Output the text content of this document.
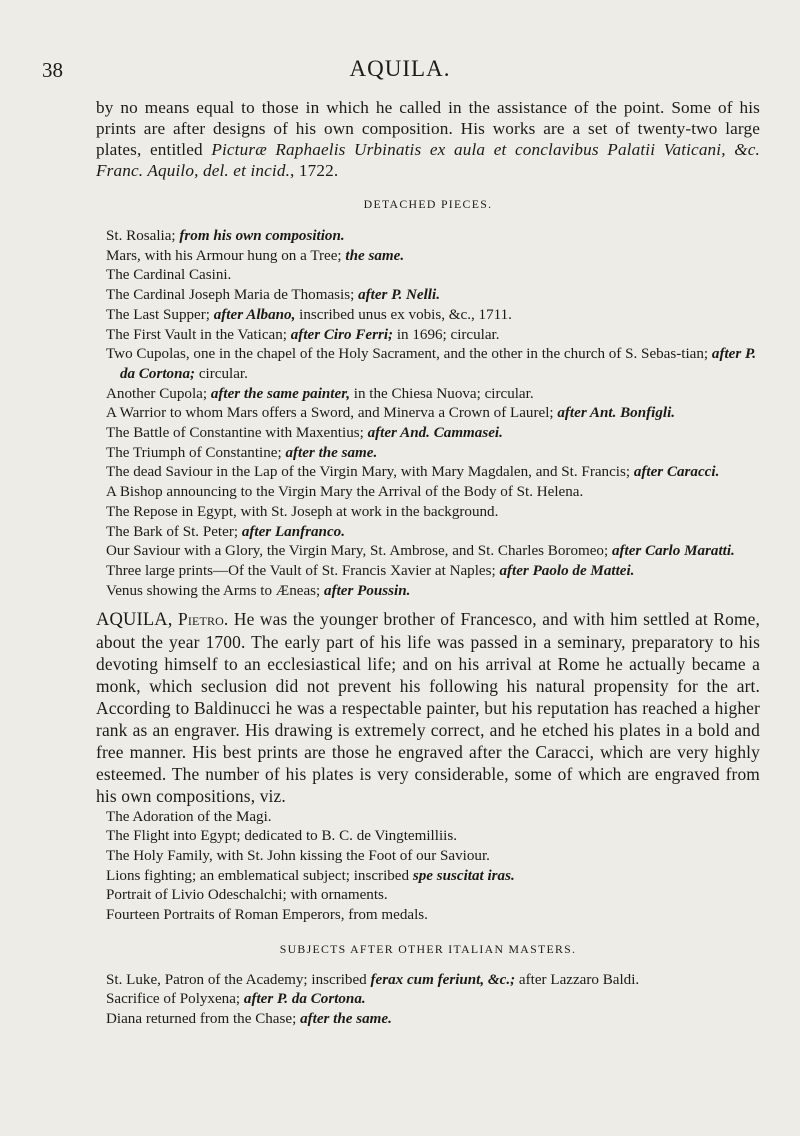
38	AQUILA.

by no means equal to those in which he called in the assistance of the point. Some of his prints are after designs of his own composition. His works are a set of twenty-two large plates, entitled Picturæ Raphaelis Urbinatis ex aula et conclavibus Palatii Vaticani, &c. Franc. Aquilo, del. et incid., 1722.

DETACHED PIECES.
St. Rosalia; from his own composition.
Mars, with his Armour hung on a Tree; the same.
The Cardinal Casini.
The Cardinal Joseph Maria de Thomasis; after P. Nelli.
The Last Supper; after Albano, inscribed unus ex vobis, &c., 1711.
The First Vault in the Vatican; after Ciro Ferri; in 1696; circular.
Two Cupolas, one in the chapel of the Holy Sacrament, and the other in the church of S. Sebas-tian; after P. da Cortona; circular.
Another Cupola; after the same painter, in the Chiesa Nuova; circular.
A Warrior to whom Mars offers a Sword, and Minerva a Crown of Laurel; after Ant. Bonfigli.
The Battle of Constantine with Maxentius; after And. Cammasei.
The Triumph of Constantine; after the same.
The dead Saviour in the Lap of the Virgin Mary, with Mary Magdalen, and St. Francis; after Caracci.
A Bishop announcing to the Virgin Mary the Arrival of the Body of St. Helena.
The Repose in Egypt, with St. Joseph at work in the background.
The Bark of St. Peter; after Lanfranco.
Our Saviour with a Glory, the Virgin Mary, St. Ambrose, and St. Charles Boromeo; after Carlo Maratti.
Three large prints—Of the Vault of St. Francis Xavier at Naples; after Paolo de Mattei.
Venus showing the Arms to Æneas; after Poussin.

AQUILA, Pietro. He was the younger brother of Francesco, and with him settled at Rome, about the year 1700. The early part of his life was passed in a seminary, preparatory to his devoting himself to an ecclesiastical life; and on his arrival at Rome he actually became a monk, which seclusion did not prevent his following his natural propensity for the art. According to Baldinucci he was a respectable painter, but his reputation has reached a higher rank as an engraver. His drawing is extremely correct, and he etched his plates in a bold and free manner. His best prints are those he engraved after the Caracci, which are very highly esteemed. The number of his plates is very considerable, some of which are engraved from his own compositions, viz.

The Adoration of the Magi.
The Flight into Egypt; dedicated to B. C. de Vingtemilliis.
The Holy Family, with St. John kissing the Foot of our Saviour.
Lions fighting; an emblematical subject; inscribed spe suscitat iras.
Portrait of Livio Odeschalchi; with ornaments.
Fourteen Portraits of Roman Emperors, from medals.
SUBJECTS AFTER OTHER ITALIAN MASTERS.
St. Luke, Patron of the Academy; inscribed ferax cum feriunt, &c.; after Lazzaro Baldi.
Sacrifice of Polyxena; after P. da Cortona.
Diana returned from the Chase; after the same.
